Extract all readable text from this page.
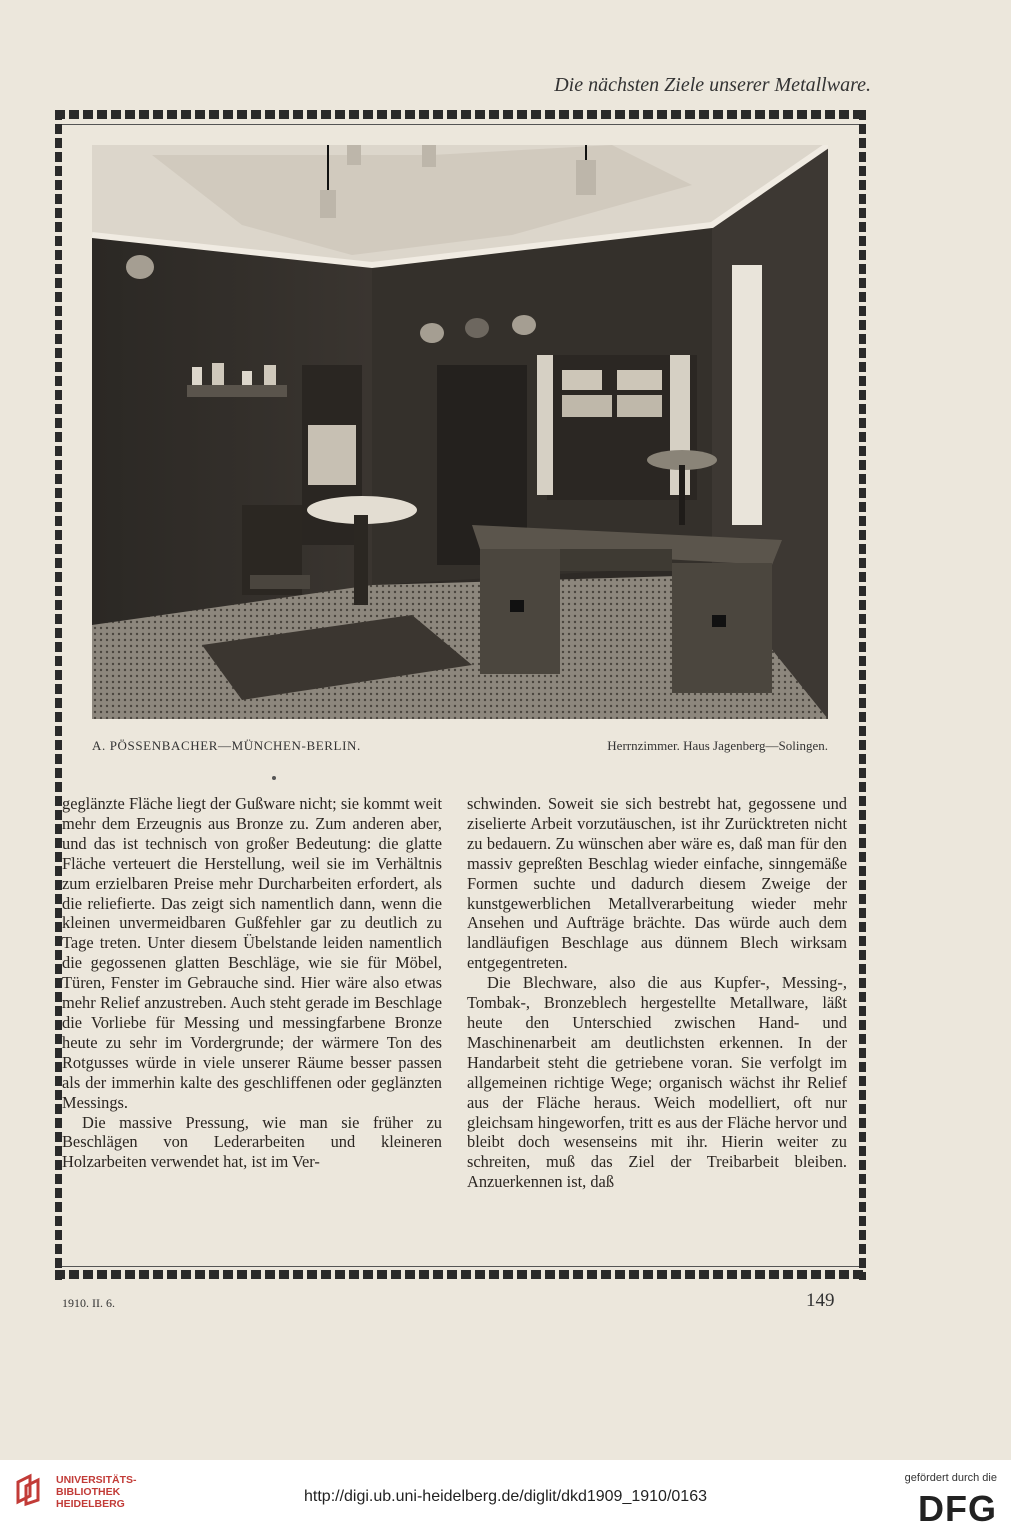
Die nächsten Ziele unserer Metallware.
A. PÖSSENBACHER—MÜNCHEN-BERLIN.	Herrnzimmer. Haus Jagenberg—Solingen.

geglänzte Fläche liegt der Gußware nicht; sie kommt weit mehr dem Erzeugnis aus Bronze zu. Zum anderen aber, und das ist technisch von großer Bedeutung: die glatte Fläche verteuert die Herstellung, weil sie im Verhältnis zum erzielbaren Preise mehr Durcharbeiten erfordert, als die reliefierte. Das zeigt sich namentlich dann, wenn die kleinen unvermeidbaren Gußfehler gar zu deutlich zu Tage treten. Unter diesem Übelstande leiden namentlich die gegossenen glatten Beschläge, wie sie für Möbel, Türen, Fenster im Gebrauche sind. Hier wäre also etwas mehr Relief anzustreben. Auch steht gerade im Beschlage die Vorliebe für Messing und messingfarbene Bronze heute zu sehr im Vordergrunde; der wärmere Ton des Rotgusses würde in viele unserer Räume besser passen als der immerhin kalte des geschliffenen oder geglänzten Messings.

Die massive Pressung, wie man sie früher zu Beschlägen von Lederarbeiten und kleineren Holzarbeiten verwendet hat, ist im Ver-

schwinden. Soweit sie sich bestrebt hat, gegossene und ziselierte Arbeit vorzutäuschen, ist ihr Zurücktreten nicht zu bedauern. Zu wünschen aber wäre es, daß man für den massiv gepreßten Beschlag wieder einfache, sinngemäße Formen suchte und dadurch diesem Zweige der kunstgewerblichen Metallverarbeitung wieder mehr Ansehen und Aufträge brächte. Das würde auch dem landläufigen Beschlage aus dünnem Blech wirksam entgegentreten.

Die Blechware, also die aus Kupfer-, Messing-, Tombak-, Bronzeblech hergestellte Metallware, läßt heute den Unterschied zwischen Hand- und Maschinenarbeit am deutlichsten erkennen. In der Handarbeit steht die getriebene voran. Sie verfolgt im allgemeinen richtige Wege; organisch wächst ihr Relief aus der Fläche heraus. Weich modelliert, oft nur gleichsam hingeworfen, tritt es aus der Fläche hervor und bleibt doch wesenseins mit ihr. Hierin weiter zu schreiten, muß das Ziel der Treibarbeit bleiben. Anzuerkennen ist, daß

1910. II. 6.	149
UNIVERSITÄTS-
BIBLIOTHEK
HEIDELBERG	http://digi.ub.uni-heidelberg.de/diglit/dkd1909_1910/0163
gefördert durch die
DFG
